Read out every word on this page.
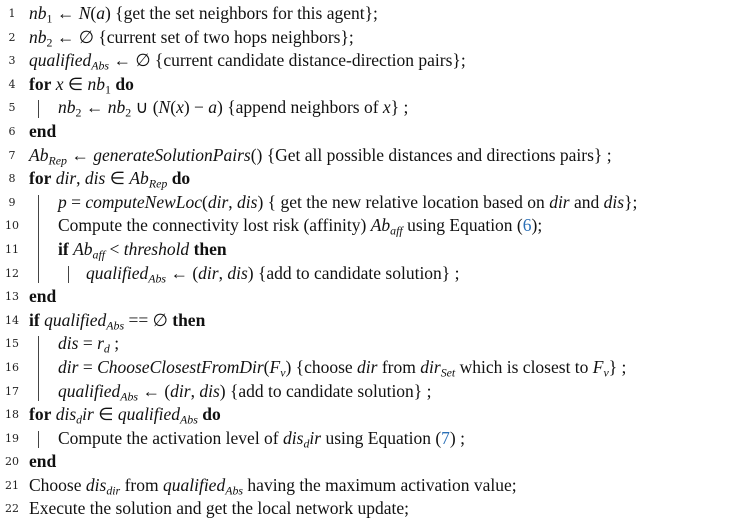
1 $nb_1$ ← N(a) {get the set neighbors for this agent};
2 $nb_2$ ← ∅ {current set of two hops neighbors};
3 qualified$_{Abs}$ ← ∅ {current candidate distance-direction pairs};
4 for x ∈ $nb_1$ do
5	$nb_2$ ← $nb_2$ ∪ (N(x) − a) {append neighbors of x} ;
6 end
7 $Ab_{Rep}$ ← generateSolutionPairs() {Get all possible distances and directions pairs} ;
8 for dir, dis ∈ $Ab_{Rep}$ do
9	p = computeNewLoc(dir, dis) { get the new relative location based on dir and dis};
10 Compute the connectivity lost risk (affinity) $Ab_{aff}$ using Equation (6);
11 if $Ab_{aff}$ < threshold then
12	qualified$_{Abs}$ ← (dir, dis) {add to candidate solution} ;
13 end
14 if qualified$_{Abs}$ == ∅ then
15 dis = $r_d$ ;
16 dir = $ChooseClosestFromDir(F_v)$ {choose dir from dir$_{Set}$ which is closest to $F_v$} ;
17 qualified$_{Abs}$ ← (dir, dis) {add to candidate solution} ;
18 for dis$_d$ir ∈ qualified$_{Abs}$ do
19 Compute the activation level of dis$_d$ir using Equation (7) ;
20 end
21 Choose dis$_{dir}$ from qualified$_{Abs}$ having the maximum activation value;
22 Execute the solution and get the local network update;
